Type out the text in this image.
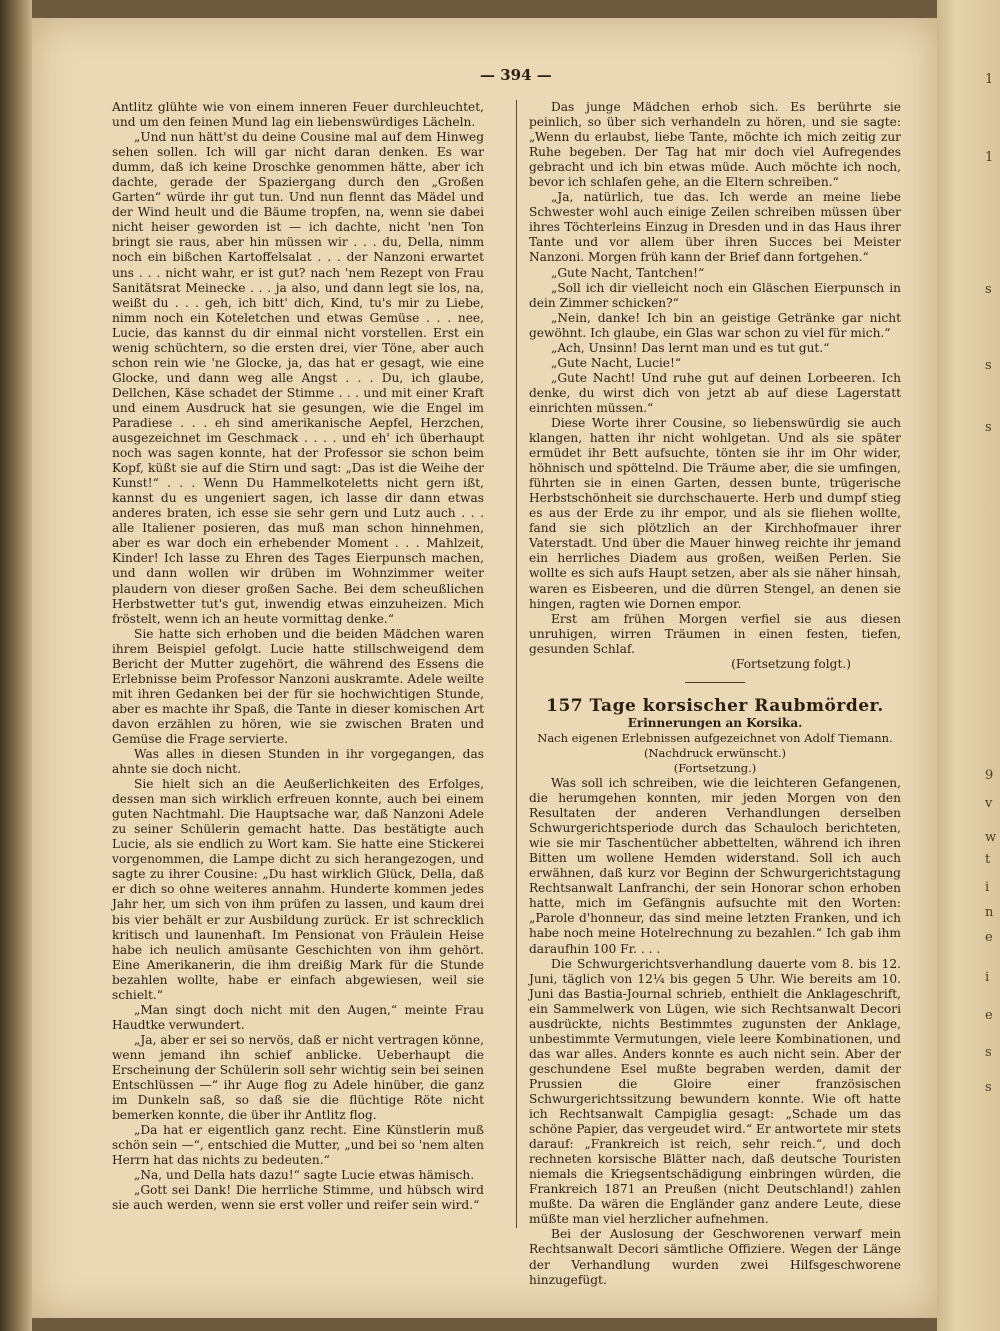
— 394 —

Antlitz glühte wie von einem inneren Feuer durchleuchtet, und um den feinen Mund lag ein liebenswürdiges Lächeln.

„Und nun hätt'st du deine Cousine mal auf dem Hinweg sehen sollen. Ich will gar nicht daran denken. Es war dumm, daß ich keine Droschke genommen hätte, aber ich dachte, gerade der Spaziergang durch den „Großen Garten“ würde ihr gut tun. Und nun flennt das Mädel und der Wind heult und die Bäume tropfen, na, wenn sie dabei nicht heiser geworden ist — ich dachte, nicht 'nen Ton bringt sie raus, aber hin müssen wir . . . du, Della, nimm noch ein bißchen Kartoffelsalat . . . der Nanzoni erwartet uns . . . nicht wahr, er ist gut? nach 'nem Rezept von Frau Sanitätsrat Meinecke . . . ja also, und dann legt sie los, na, weißt du . . . geh, ich bitt' dich, Kind, tu's mir zu Liebe, nimm noch ein Koteletchen und etwas Gemüse . . . nee, Lucie, das kannst du dir einmal nicht vorstellen. Erst ein wenig schüchtern, so die ersten drei, vier Töne, aber auch schon rein wie 'ne Glocke, ja, das hat er gesagt, wie eine Glocke, und dann weg alle Angst . . . Du, ich glaube, Dellchen, Käse schadet der Stimme . . . und mit einer Kraft und einem Ausdruck hat sie gesungen, wie die Engel im Paradiese . . . eh sind amerikanische Aepfel, Herzchen, ausgezeichnet im Geschmack . . . . und eh' ich überhaupt noch was sagen konnte, hat der Professor sie schon beim Kopf, küßt sie auf die Stirn und sagt: „Das ist die Weihe der Kunst!“ . . . Wenn Du Hammelkoteletts nicht gern ißt, kannst du es ungeniert sagen, ich lasse dir dann etwas anderes braten, ich esse sie sehr gern und Lutz auch . . . alle Italiener posieren, das muß man schon hinnehmen, aber es war doch ein erhebender Moment . . . Mahlzeit, Kinder! Ich lasse zu Ehren des Tages Eierpunsch machen, und dann wollen wir drüben im Wohnzimmer weiter plaudern von dieser großen Sache. Bei dem scheußlichen Herbstwetter tut's gut, inwendig etwas einzuheizen. Mich fröstelt, wenn ich an heute vormittag denke.“

Sie hatte sich erhoben und die beiden Mädchen waren ihrem Beispiel gefolgt. Lucie hatte stillschweigend dem Bericht der Mutter zugehört, die während des Essens die Erlebnisse beim Professor Nanzoni auskramte. Adele weilte mit ihren Gedanken bei der für sie hochwichtigen Stunde, aber es machte ihr Spaß, die Tante in dieser komischen Art davon erzählen zu hören, wie sie zwischen Braten und Gemüse die Frage servierte.

Was alles in diesen Stunden in ihr vorgegangen, das ahnte sie doch nicht.

Sie hielt sich an die Aeußerlichkeiten des Erfolges, dessen man sich wirklich erfreuen konnte, auch bei einem guten Nachtmahl. Die Hauptsache war, daß Nanzoni Adele zu seiner Schülerin gemacht hatte. Das bestätigte auch Lucie, als sie endlich zu Wort kam. Sie hatte eine Stickerei vorgenommen, die Lampe dicht zu sich herangezogen, und sagte zu ihrer Cousine: „Du hast wirklich Glück, Della, daß er dich so ohne weiteres annahm. Hunderte kommen jedes Jahr her, um sich von ihm prüfen zu lassen, und kaum drei bis vier behält er zur Ausbildung zurück. Er ist schrecklich kritisch und launenhaft. Im Pensionat von Fräulein Heise habe ich neulich amüsante Geschichten von ihm gehört. Eine Amerikanerin, die ihm dreißig Mark für die Stunde bezahlen wollte, habe er einfach abgewiesen, weil sie schielt.“

„Man singt doch nicht mit den Augen,“ meinte Frau Haudtke verwundert.

„Ja, aber er sei so nervös, daß er nicht vertragen könne, wenn jemand ihn schief anblicke. Ueberhaupt die Erscheinung der Schülerin soll sehr wichtig sein bei seinen Entschlüssen —“ ihr Auge flog zu Adele hinüber, die ganz im Dunkeln saß, so daß sie die flüchtige Röte nicht bemerken konnte, die über ihr Antlitz flog.

„Da hat er eigentlich ganz recht. Eine Künstlerin muß schön sein —“, entschied die Mutter, „und bei so 'nem alten Herrn hat das nichts zu bedeuten.“

„Na, und Della hats dazu!“ sagte Lucie etwas hämisch.

„Gott sei Dank! Die herrliche Stimme, und hübsch wird sie auch werden, wenn sie erst voller und reifer sein wird.“

Das junge Mädchen erhob sich. Es berührte sie peinlich, so über sich verhandeln zu hören, und sie sagte: „Wenn du erlaubst, liebe Tante, möchte ich mich zeitig zur Ruhe begeben. Der Tag hat mir doch viel Aufregendes gebracht und ich bin etwas müde. Auch möchte ich noch, bevor ich schlafen gehe, an die Eltern schreiben.“

„Ja, natürlich, tue das. Ich werde an meine liebe Schwester wohl auch einige Zeilen schreiben müssen über ihres Töchterleins Einzug in Dresden und in das Haus ihrer Tante und vor allem über ihren Succes bei Meister Nanzoni. Morgen früh kann der Brief dann fortgehen.“

„Gute Nacht, Tantchen!“

„Soll ich dir vielleicht noch ein Gläschen Eierpunsch in dein Zimmer schicken?“

„Nein, danke! Ich bin an geistige Getränke gar nicht gewöhnt. Ich glaube, ein Glas war schon zu viel für mich.“

„Ach, Unsinn! Das lernt man und es tut gut.“

„Gute Nacht, Lucie!“

„Gute Nacht! Und ruhe gut auf deinen Lorbeeren. Ich denke, du wirst dich von jetzt ab auf diese Lagerstatt einrichten müssen.“

Diese Worte ihrer Cousine, so liebenswürdig sie auch klangen, hatten ihr nicht wohlgetan. Und als sie später ermüdet ihr Bett aufsuchte, tönten sie ihr im Ohr wider, höhnisch und spöttelnd. Die Träume aber, die sie umfingen, führten sie in einen Garten, dessen bunte, trügerische Herbstschönheit sie durchschauerte. Herb und dumpf stieg es aus der Erde zu ihr empor, und als sie fliehen wollte, fand sie sich plötzlich an der Kirchhofmauer ihrer Vaterstadt. Und über die Mauer hinweg reichte ihr jemand ein herrliches Diadem aus großen, weißen Perlen. Sie wollte es sich aufs Haupt setzen, aber als sie näher hinsah, waren es Eisbeeren, und die dürren Stengel, an denen sie hingen, ragten wie Dornen empor.

Erst am frühen Morgen verfiel sie aus diesen unruhigen, wirren Träumen in einen festen, tiefen, gesunden Schlaf.

(Fortsetzung folgt.)

157 Tage korsischer Raubmörder.
Erinnerungen an Korsika.
Nach eigenen Erlebnissen aufgezeichnet von Adolf Tiemann.
(Nachdruck erwünscht.)
(Fortsetzung.)

Was soll ich schreiben, wie die leichteren Gefangenen, die herumgehen konnten, mir jeden Morgen von den Resultaten der anderen Verhandlungen derselben Schwurgerichtsperiode durch das Schauloch berichteten, wie sie mir Taschentücher abbettelten, während ich ihren Bitten um wollene Hemden widerstand. Soll ich auch erwähnen, daß kurz vor Beginn der Schwurgerichtstagung Rechtsanwalt Lanfranchi, der sein Honorar schon erhoben hatte, mich im Gefängnis aufsuchte mit den Worten: „Parole d'honneur, das sind meine letzten Franken, und ich habe noch meine Hotelrechnung zu bezahlen.“ Ich gab ihm daraufhin 100 Fr. . . .

Die Schwurgerichtsverhandlung dauerte vom 8. bis 12. Juni, täglich von 12¼ bis gegen 5 Uhr. Wie bereits am 10. Juni das Bastia-Journal schrieb, enthielt die Anklageschrift, ein Sammelwerk von Lügen, wie sich Rechtsanwalt Decori ausdrückte, nichts Bestimmtes zugunsten der Anklage, unbestimmte Vermutungen, viele leere Kombinationen, und das war alles. Anders konnte es auch nicht sein. Aber der geschundene Esel mußte begraben werden, damit der Prussien die Gloire einer französischen Schwurgerichtssitzung bewundern konnte. Wie oft hatte ich Rechtsanwalt Campiglia gesagt: „Schade um das schöne Papier, das vergeudet wird.“ Er antwortete mir stets darauf: „Frankreich ist reich, sehr reich.“, und doch rechneten korsische Blätter nach, daß deutsche Touristen niemals die Kriegsentschädigung einbringen würden, die Frankreich 1871 an Preußen (nicht Deutschland!) zahlen mußte. Da wären die Engländer ganz andere Leute, diese müßte man viel herzlicher aufnehmen.

Bei der Auslosung der Geschworenen verwarf mein Rechtsanwalt Decori sämtliche Offiziere. Wegen der Länge der Verhandlung wurden zwei Hilfsgeschworene hinzugefügt.

1
1
s
s
s
9
v
w
t
i
n
e
i
e
s
s
